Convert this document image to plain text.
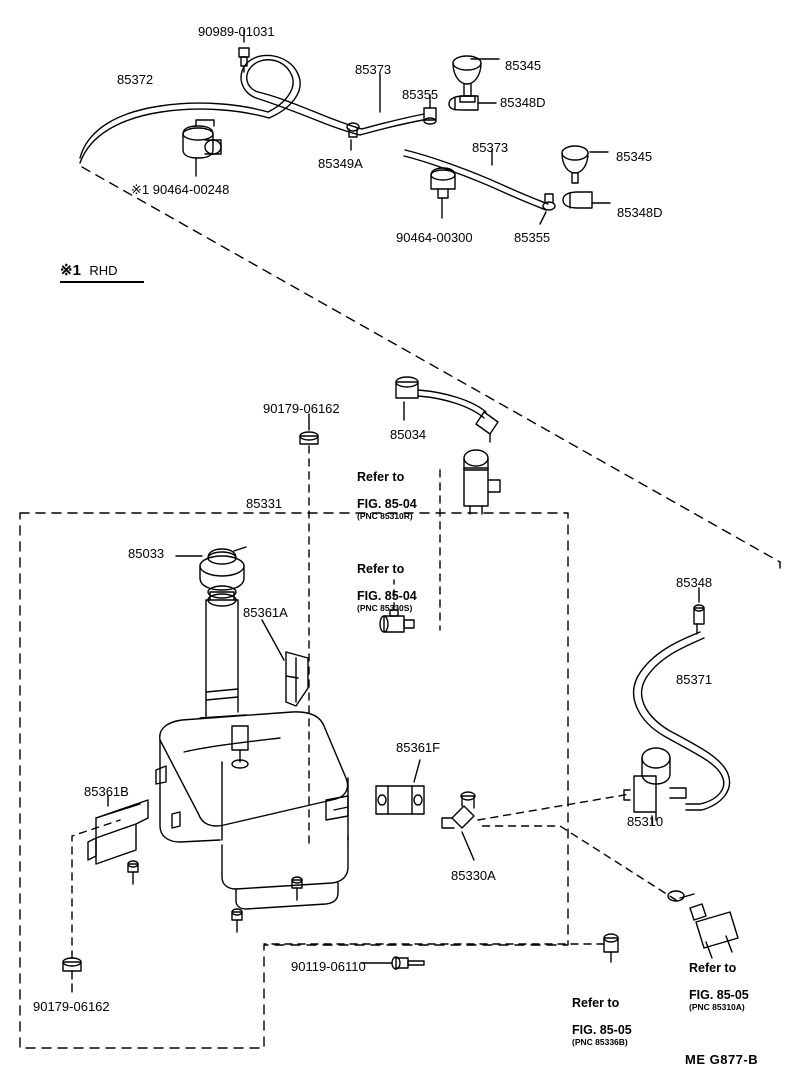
90989-01031
85373	85345
85355
85348D
85372
85349A
85373
85345
※1 90464-00248
90464-00300	85355
85348D
※1 RHD
90179-06162
85034
85331
85033
85361A
85348
85371
85361F
85361B
85310
85330A
90119-06110
90179-06162

Refer to

FIG. 85-04

(PNC 85310R)

Refer to

FIG. 85-04

(PNC 85330S)

Refer to

FIG. 85-05

(PNC 85336B)

Refer to

FIG. 85-05

(PNC 85310A)

ME G877-B
